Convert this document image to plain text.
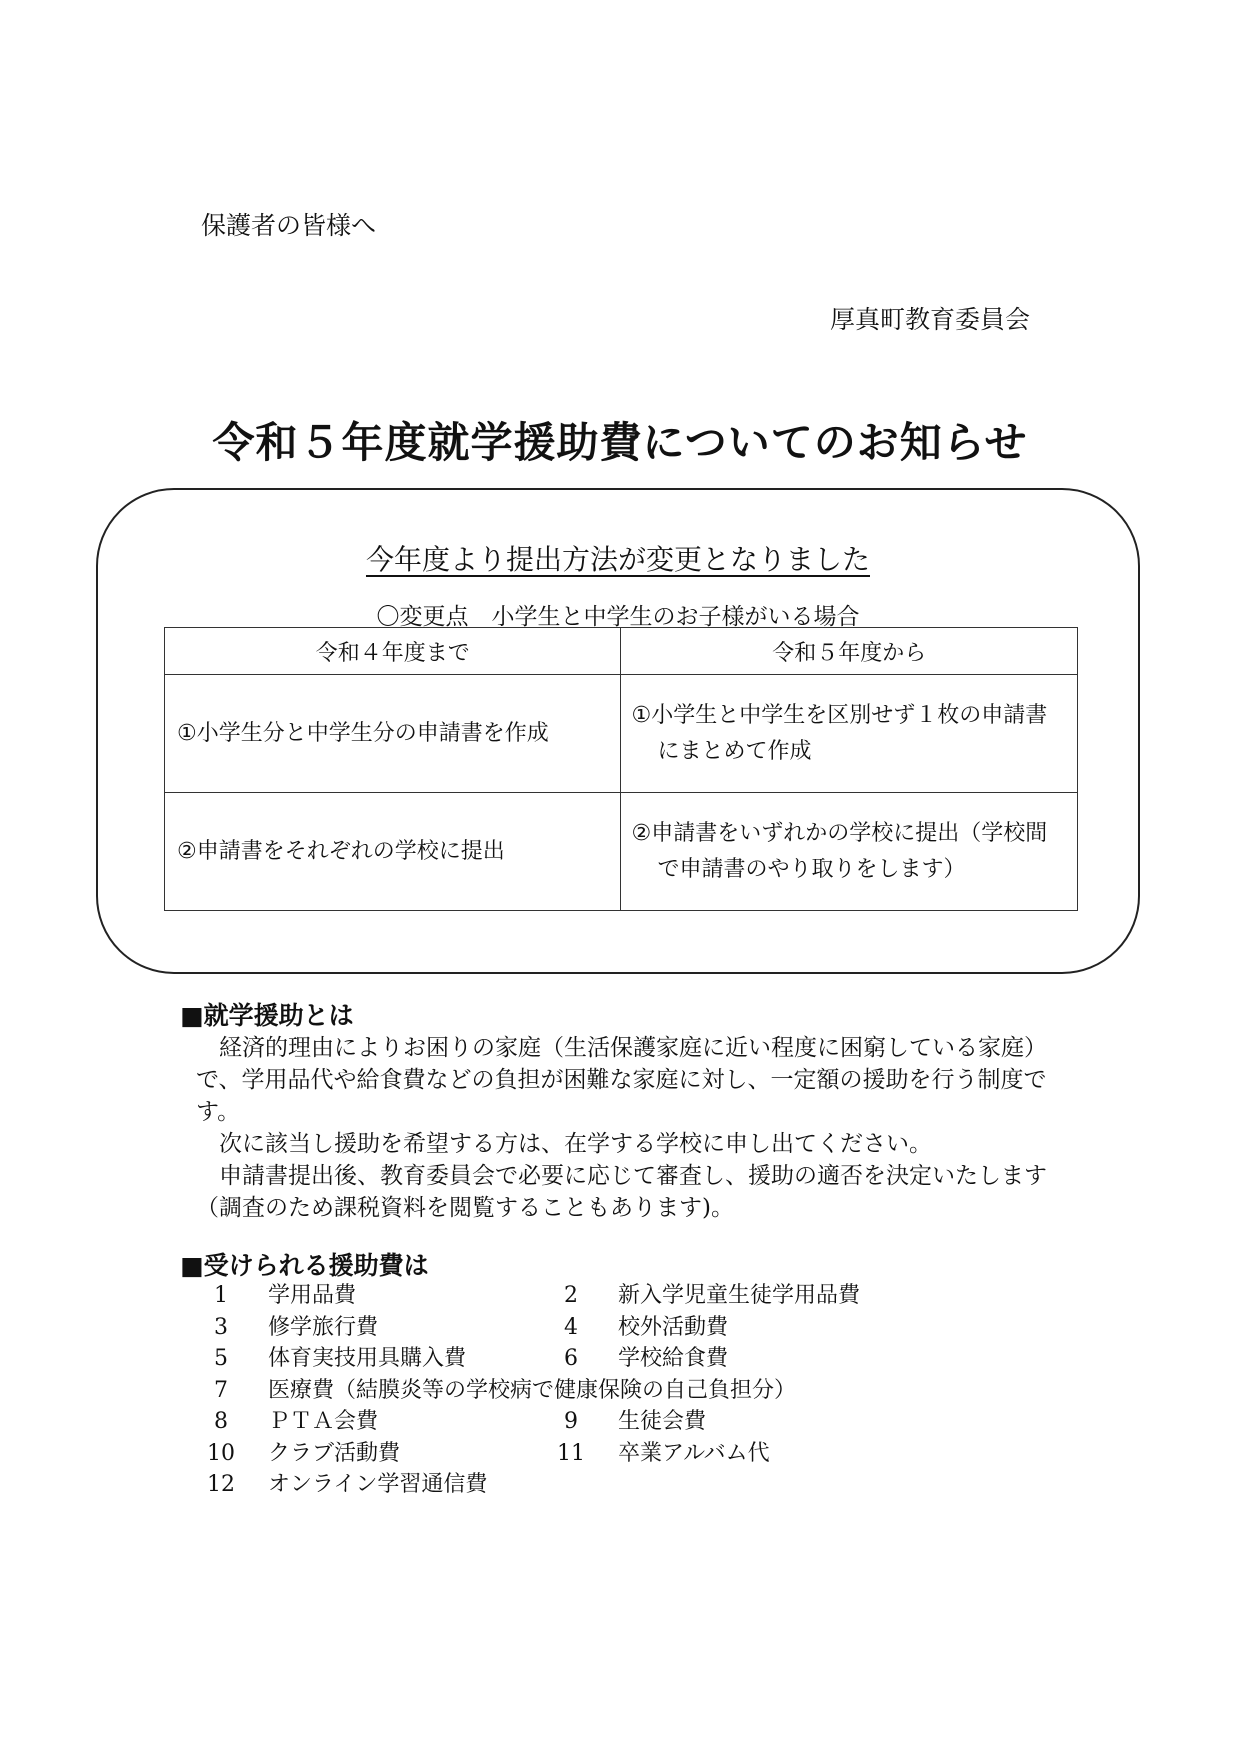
保護者の皆様へ
厚真町教育委員会
令和５年度就学援助費についてのお知らせ
今年度より提出方法が変更となりました
〇変更点　小学生と中学生のお子様がいる場合
令和４年度まで	令和５年度から
①小学生分と中学生分の申請書を作成	①小学生と中学生を区別せず１枚の申請書にまとめて作成
②申請書をそれぞれの学校に提出	②申請書をいずれかの学校に提出（学校間で申請書のやり取りをします）
■就学援助とは

経済的理由によりお困りの家庭（生活保護家庭に近い程度に困窮している家庭）で、学用品代や給食費などの負担が困難な家庭に対し、一定額の援助を行う制度です。

次に該当し援助を希望する方は、在学する学校に申し出てください。

申請書提出後、教育委員会で必要に応じて審査し、援助の適否を決定いたします（調査のため課税資料を閲覧することもあります)。

■受けられる援助費は
1　 学用品費	2　 新入学児童生徒学用品費
3　 修学旅行費	4　 校外活動費
5　 体育実技用具購入費	6　 学校給食費
7　 医療費（結膜炎等の学校病で健康保険の自己負担分）
8　 ＰＴＡ会費	9　 生徒会費
10　 クラブ活動費	11　 卒業アルバム代
12　 オンライン学習通信費
